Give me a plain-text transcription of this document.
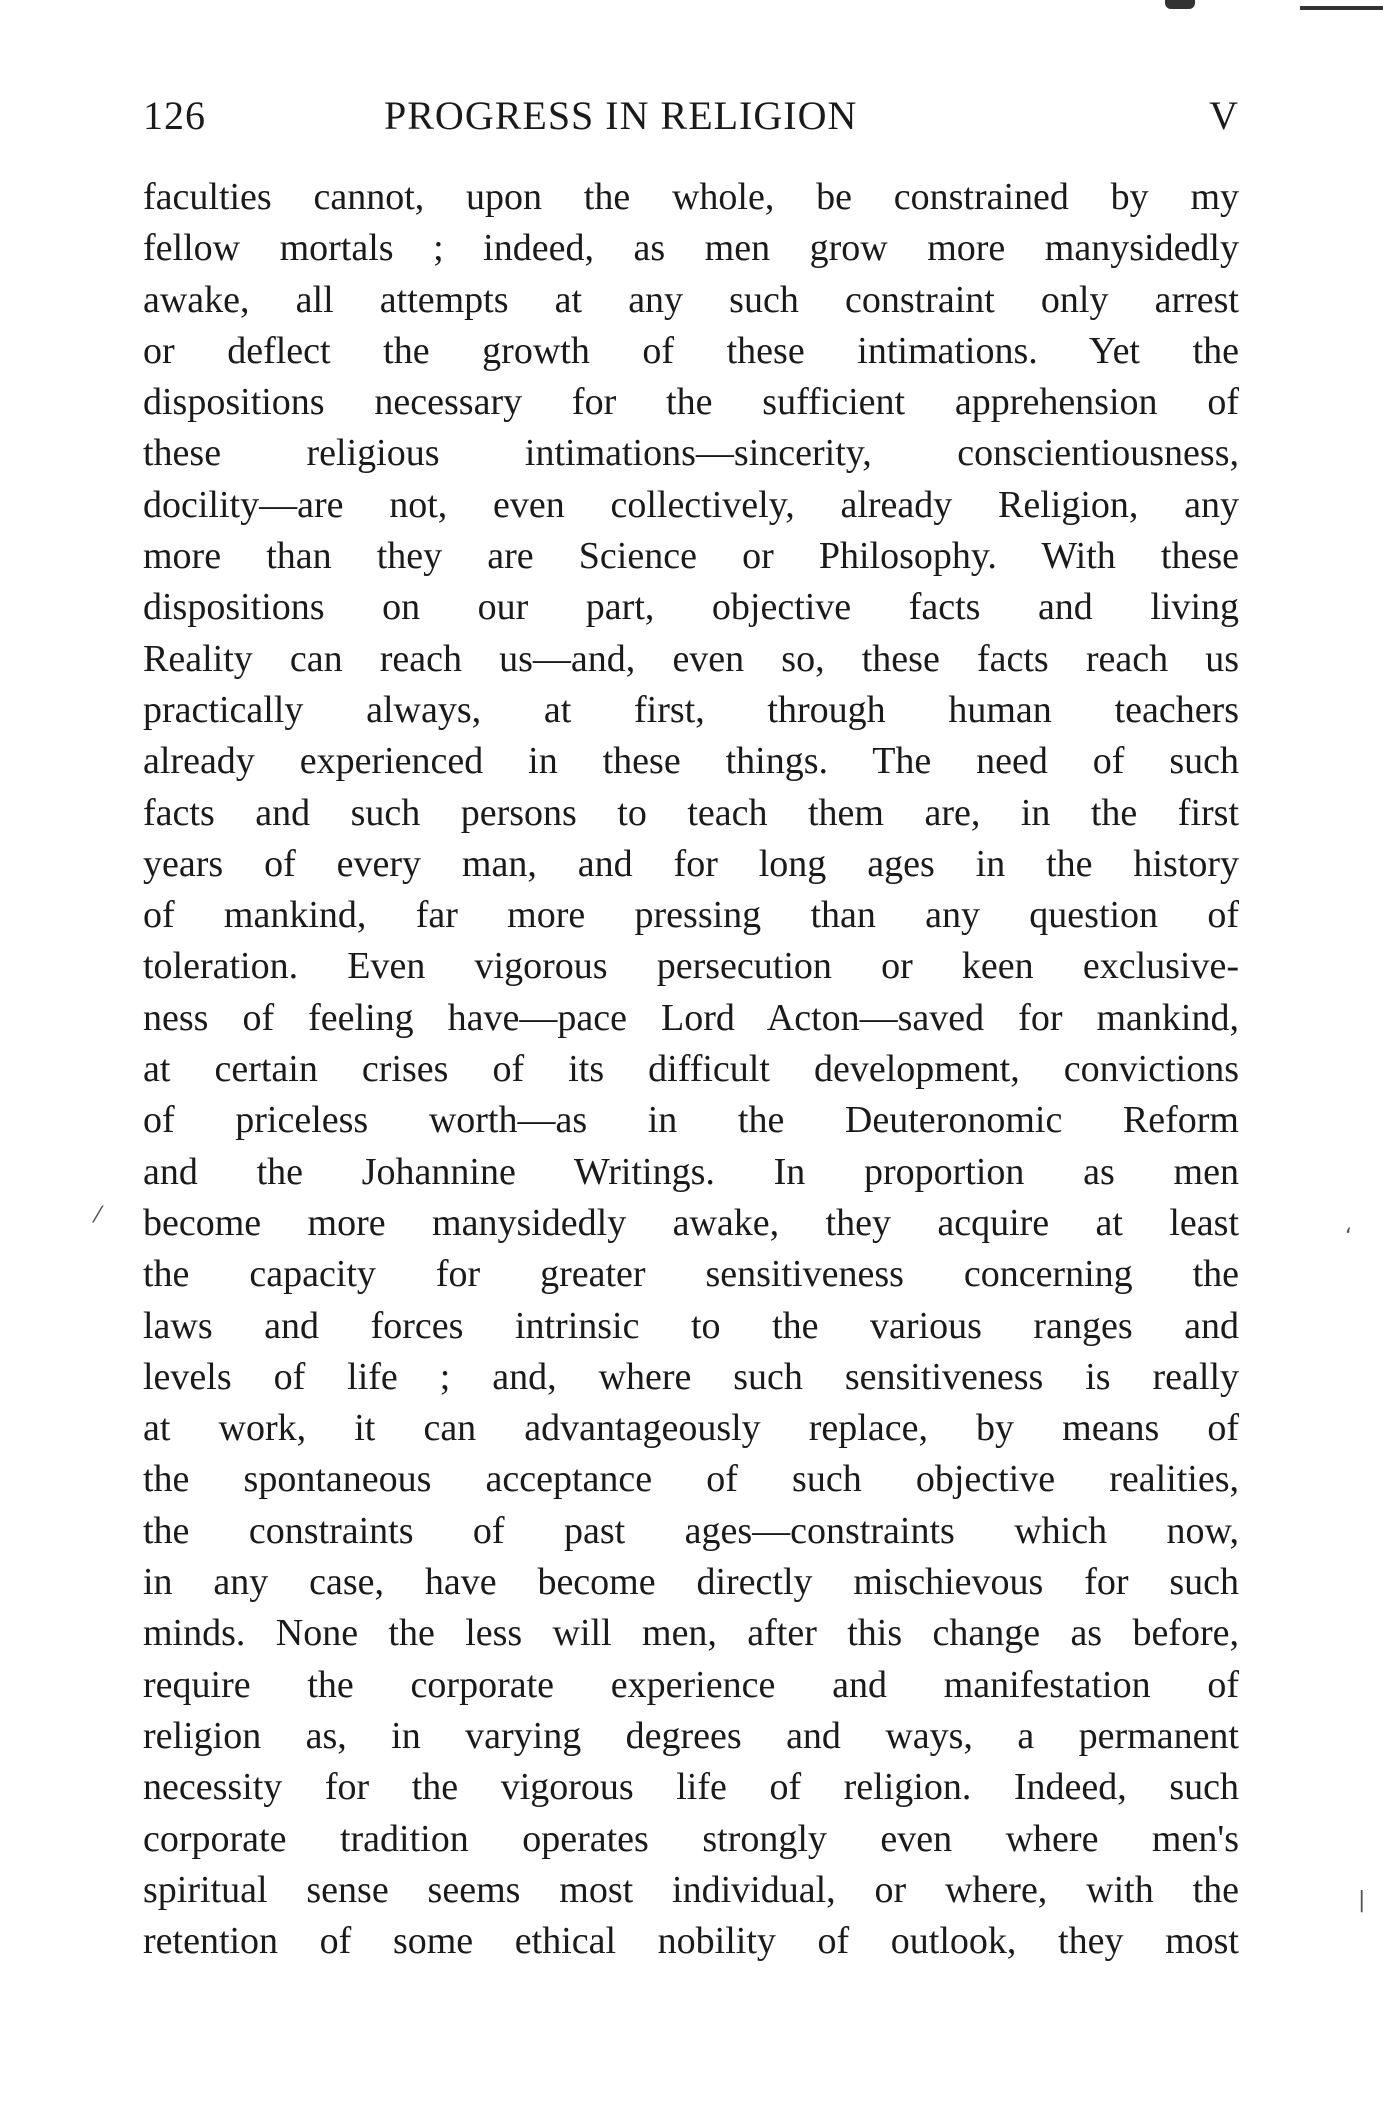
|
‘
⁄
126	PROGRESS IN RELIGION	V
faculties cannot, upon the whole, be constrained by my
fellow mortals ; indeed, as men grow more manysidedly
awake, all attempts at any such constraint only arrest
or deflect the growth of these intimations. Yet the
dispositions necessary for the sufficient apprehension of
these religious intimations—sincerity, conscientiousness,
docility—are not, even collectively, already Religion, any
more than they are Science or Philosophy. With these
dispositions on our part, objective facts and living
Reality can reach us—and, even so, these facts reach us
practically always, at first, through human teachers
already experienced in these things. The need of such
facts and such persons to teach them are, in the first
years of every man, and for long ages in the history
of mankind, far more pressing than any question of
toleration. Even vigorous persecution or keen exclusive-
ness of feeling have—pace Lord Acton—saved for mankind,
at certain crises of its difficult development, convictions
of priceless worth—as in the Deuteronomic Reform
and the Johannine Writings. In proportion as men
become more manysidedly awake, they acquire at least
the capacity for greater sensitiveness concerning the
laws and forces intrinsic to the various ranges and
levels of life ; and, where such sensitiveness is really
at work, it can advantageously replace, by means of
the spontaneous acceptance of such objective realities,
the constraints of past ages—constraints which now,
in any case, have become directly mischievous for such
minds. None the less will men, after this change as before,
require the corporate experience and manifestation of
religion as, in varying degrees and ways, a permanent
necessity for the vigorous life of religion. Indeed, such
corporate tradition operates strongly even where men's
spiritual sense seems most individual, or where, with the
retention of some ethical nobility of outlook, they most
